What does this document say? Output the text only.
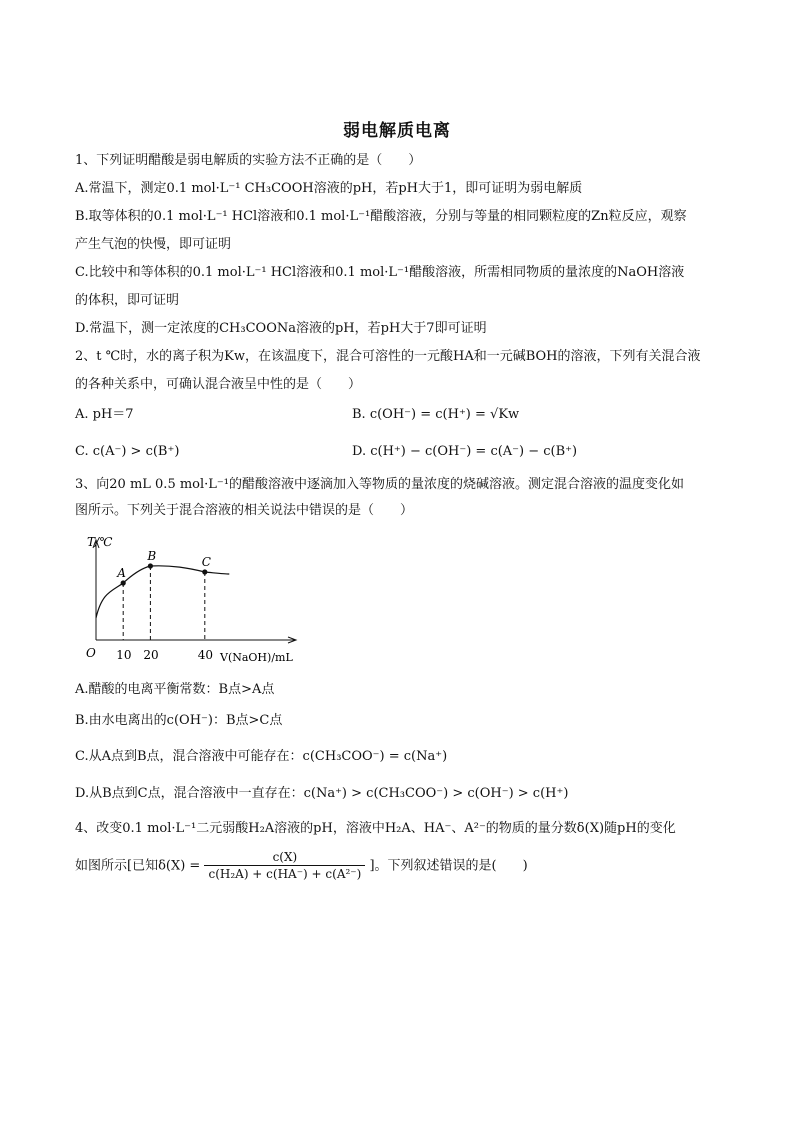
弱电解质电离
1、下列证明醋酸是弱电解质的实验方法不正确的是（　　）
A.常温下，测定0.1 mol·L⁻¹ CH₃COOH溶液的pH，若pH大于1，即可证明为弱电解质
B.取等体积的0.1 mol·L⁻¹ HCl溶液和0.1 mol·L⁻¹醋酸溶液，分别与等量的相同颗粒度的Zn粒反应，观察
产生气泡的快慢，即可证明
C.比较中和等体积的0.1 mol·L⁻¹ HCl溶液和0.1 mol·L⁻¹醋酸溶液，所需相同物质的量浓度的NaOH溶液
的体积，即可证明
D.常温下，测一定浓度的CH₃COONa溶液的pH，若pH大于7即可证明
2、t ℃时，水的离子积为Kw，在该温度下，混合可溶性的一元酸HA和一元碱BOH的溶液，下列有关混合液
的各种关系中，可确认混合液呈中性的是（　　）
A. pH＝7	B. c(OH⁻) = c(H⁺) = √Kw
C. c(A⁻) > c(B⁺)	D. c(H⁺) − c(OH⁻) = c(A⁻) − c(B⁺)
3、向20 mL 0.5 mol·L⁻¹的醋酸溶液中逐滴加入等物质的量浓度的烧碱溶液。测定混合溶液的温度变化如
图所示。下列关于混合溶液的相关说法中错误的是（　　）
T/℃
O	V(NaOH)/mL
10 20	40
A
B	C
A.醋酸的电离平衡常数：B点>A点
B.由水电离出的c(OH⁻)：B点>C点
C.从A点到B点，混合溶液中可能存在：c(CH₃COO⁻) = c(Na⁺)
D.从B点到C点，混合溶液中一直存在：c(Na⁺) > c(CH₃COO⁻) > c(OH⁻) > c(H⁺)
4、改变0.1 mol·L⁻¹二元弱酸H₂A溶液的pH，溶液中H₂A、HA⁻、A²⁻的物质的量分数δ(X)随pH的变化
如图所示[已知$\delta(X) = \frac{c(X)}{\text{c(H₂A) + c(HA⁻) + c(A²⁻)}}$ ]。下列叙述错误的是(　　)
